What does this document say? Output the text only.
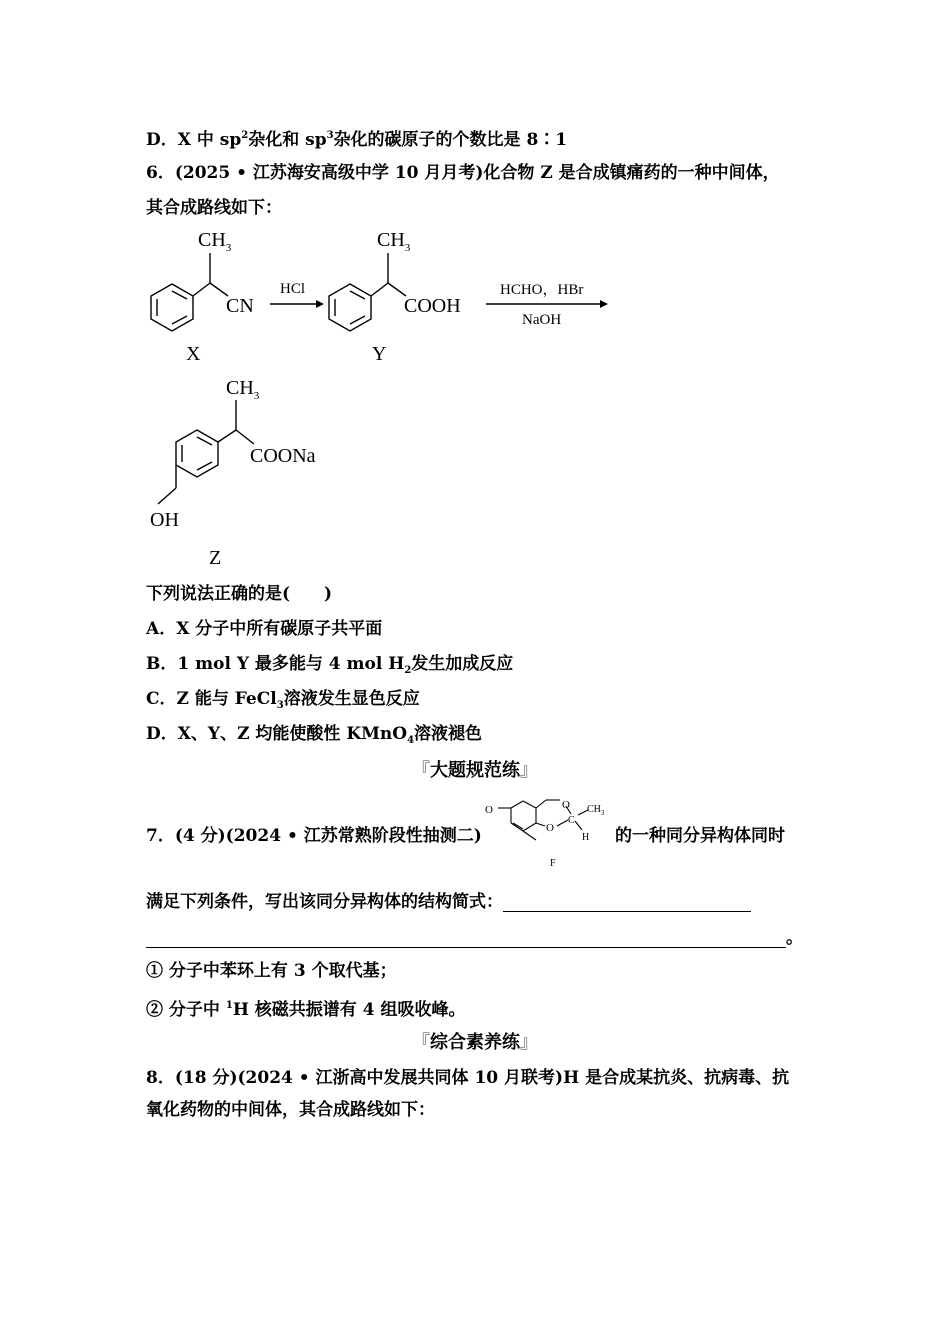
D．X 中 $sp^2$杂化和 $sp^3$杂化的碳原子的个数比是 8∶1
6．(2025 • 江苏海安高级中学 10 月月考)化合物 Z 是合成镇痛药的一种中间体，
其合成路线如下：
$CH_3$
CN
X
HCl
$CH_3$
COOH
Y
HCHO，HBr
NaOH
$CH_3$
COONa
OH
Z
下列说法正确的是(　　)
A．X 分子中所有碳原子共平面
B．1 mol Y 最多能与 4 mol $H_2$发生加成反应
C．Z 能与 FeCl$_3$溶液发生显色反应
D．X、Y、Z 均能使酸性 KMnO$_4$溶液褪色
『大题规范练』
7．(4 分)(2024 • 江苏常熟阶段性抽测二)
O	O
O
C
$CH_3$
H
F
的一种同分异构体同时
满足下列条件，写出该同分异构体的结构简式：
。
① 分子中苯环上有 3 个取代基；
② 分子中 $^1$H 核磁共振谱有 4 组吸收峰。
『综合素养练』
8．(18 分)(2024 • 江浙高中发展共同体 10 月联考)H 是合成某抗炎、抗病毒、抗
氧化药物的中间体，其合成路线如下：
